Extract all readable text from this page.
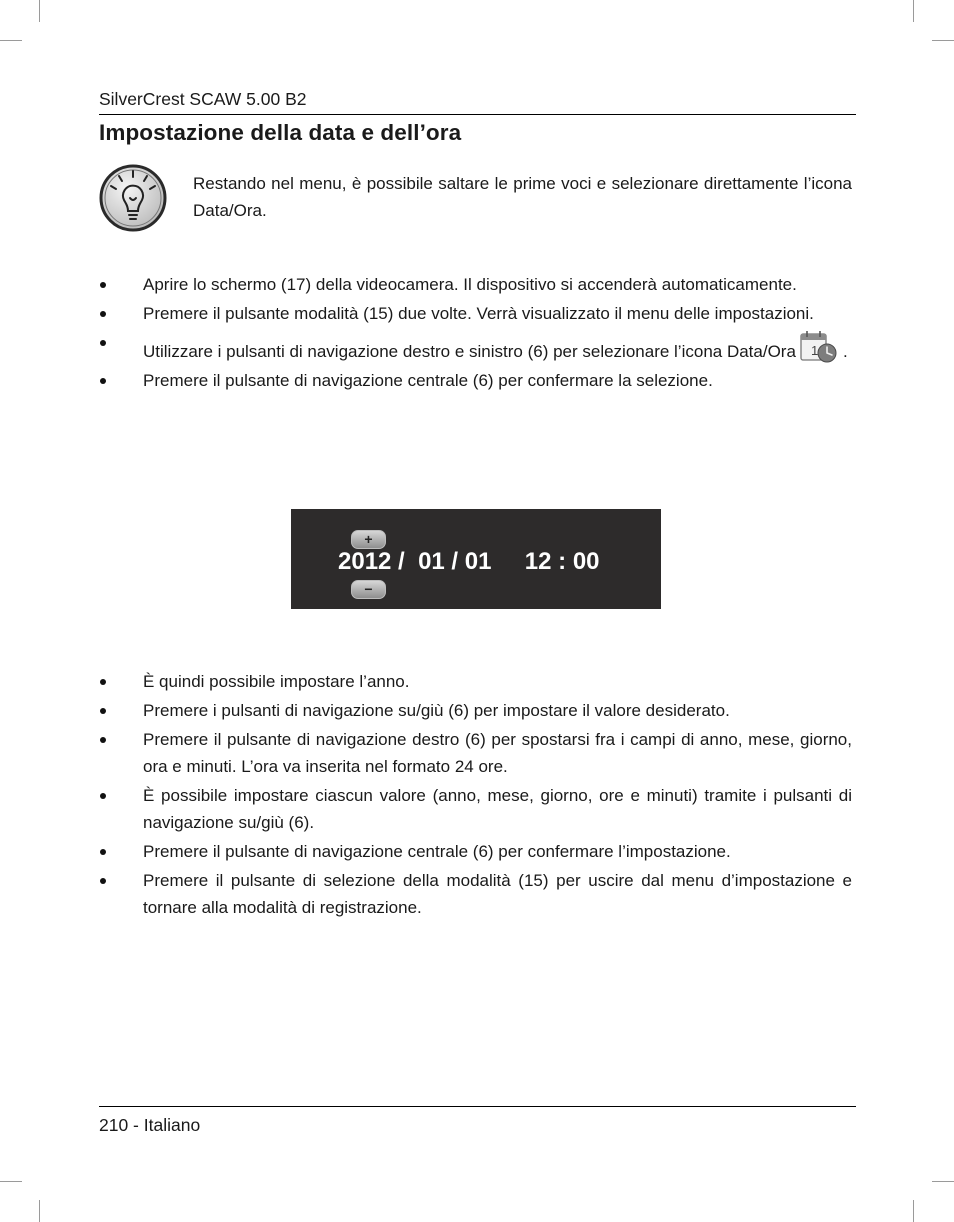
SilverCrest SCAW 5.00 B2
Impostazione della data e dell’ora
Restando nel menu, è possibile saltare le prime voci e selezionare direttamente l’icona Data/Ora.
Aprire lo schermo (17) della videocamera. Il dispositivo si accenderà automaticamente.
Premere il pulsante modalità (15) due volte. Verrà visualizzato il menu delle impostazioni.
Utilizzare i pulsanti di navigazione destro e sinistro (6) per selezionare l’icona Data/Ora 1 .
Premere il pulsante di navigazione centrale (6) per confermare la selezione.
+
2012 /  01 / 01     12 : 00
−
È quindi possibile impostare l’anno.
Premere i pulsanti di navigazione su/giù (6) per impostare il valore desiderato.
Premere il pulsante di navigazione destro (6) per spostarsi fra i campi di anno, mese, giorno, ora e minuti. L’ora va inserita nel formato 24 ore.
È possibile impostare ciascun valore (anno, mese, giorno, ore e minuti) tramite i pulsanti di navigazione su/giù (6).
Premere il pulsante di navigazione centrale (6) per confermare l’impostazione.
Premere il pulsante di selezione della modalità (15) per uscire dal menu d’impostazione e tornare alla modalità di registrazione.
210 - Italiano
